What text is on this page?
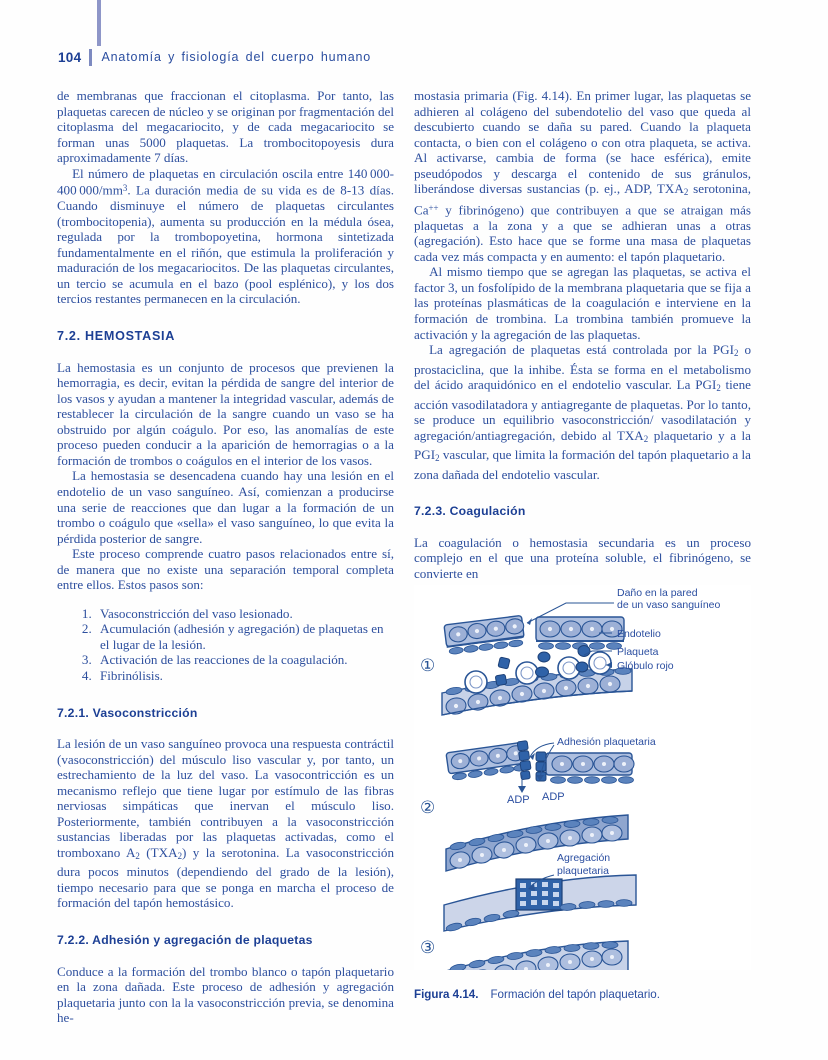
104 Anatomía y fisiología del cuerpo humano

de membranas que fraccionan el citoplasma. Por tanto, las plaquetas carecen de núcleo y se originan por fragmentación del citoplasma del megacariocito, y de cada megacariocito se forman unas 5000 plaquetas. La trombocitopoyesis dura aproximadamente 7 días.

El número de plaquetas en circulación oscila entre 140 000-400 $000/mm^3$. La duración media de su vida es de 8-13 días. Cuando disminuye el número de plaquetas circulantes (trombocitopenia), aumenta su producción en la médula ósea, regulada por la trombopoyetina, hormona sintetizada fundamentalmente en el riñón, que estimula la proliferación y maduración de los megacariocitos. De las plaquetas circulantes, un tercio se acumula en el bazo (pool esplénico), y los dos tercios restantes permanecen en la circulación.

7.2. HEMOSTASIA

La hemostasia es un conjunto de procesos que previenen la hemorragia, es decir, evitan la pérdida de sangre del interior de los vasos y ayudan a mantener la integridad vascular, además de restablecer la circulación de la sangre cuando un vaso se ha obstruido por algún coágulo. Por eso, las anomalías de este proceso pueden conducir a la aparición de hemorragias o a la formación de trombos o coágulos en el interior de los vasos.

La hemostasia se desencadena cuando hay una lesión en el endotelio de un vaso sanguíneo. Así, comienzan a producirse una serie de reacciones que dan lugar a la formación de un trombo o coágulo que «sella» el vaso sanguíneo, lo que evita la pérdida posterior de sangre.

Este proceso comprende cuatro pasos relacionados entre sí, de manera que no existe una separación temporal completa entre ellos. Estos pasos son:

1. Vasoconstricción del vaso lesionado.
2. Acumulación (adhesión y agregación) de plaquetas en el lugar de la lesión.
3. Activación de las reacciones de la coagulación.
4. Fibrinólisis.
7.2.1. Vasoconstricción

La lesión de un vaso sanguíneo provoca una respuesta contráctil (vasoconstricción) del músculo liso vascular y, por tanto, un estrechamiento de la luz del vaso. La vasocontricción es un mecanismo reflejo que tiene lugar por estímulo de las fibras nerviosas simpáticas que inervan el músculo liso. Posteriormente, también contribuyen a la vasoconstricción sustancias liberadas por las plaquetas activadas, como el tromboxano $A_2$ $(TXA_2)$ y la serotonina. La vasoconstricción dura pocos minutos (dependiendo del grado de la lesión), tiempo necesario para que se ponga en marcha el proceso de formación del tapón hemostásico.

7.2.2. Adhesión y agregación de plaquetas

Conduce a la formación del trombo blanco o tapón plaquetario en la zona dañada. Este proceso de adhesión y agregación plaquetaria junto con la la vasoconstricción previa, se denomina he-

mostasia primaria (Fig. 4.14). En primer lugar, las plaquetas se adhieren al colágeno del subendotelio del vaso que queda al descubierto cuando se daña su pared. Cuando la plaqueta contacta, o bien con el colágeno o con otra plaqueta, se activa. Al activarse, cambia de forma (se hace esférica), emite pseudópodos y descarga el contenido de sus gránulos, liberándose diversas sustancias (p. ej., ADP, $TXA_2$ serotonina, Ca++ y fibrinógeno) que contribuyen a que se atraigan más plaquetas a la zona y a que se adhieran unas a otras (agregación). Esto hace que se forme una masa de plaquetas cada vez más compacta y en aumento: el tapón plaquetario.

Al mismo tiempo que se agregan las plaquetas, se activa el factor 3, un fosfolípido de la membrana plaquetaria que se fija a las proteínas plasmáticas de la coagulación e interviene en la formación de trombina. La trombina también promueve la activación y la agregación de las plaquetas.

La agregación de plaquetas está controlada por la $PGI_2$ o prostaciclina, que la inhibe. Ésta se forma en el metabolismo del ácido araquidónico en el endotelio vascular. La $PGI_2$ tiene acción vasodilatadora y antiagregante de plaquetas. Por lo tanto, se produce un equilibrio vasoconstricción/ vasodilatación y agregación/antiagregación, debido al $TXA_2$ plaquetario y a la $PGI_2$ vascular, que limita la formación del tapón plaquetario a la zona dañada del endotelio vascular.

7.2.3. Coagulación

La coagulación o hemostasia secundaria es un proceso complejo en el que una proteína soluble, el fibrinógeno, se convierte en

Daño en la pared
de un vaso sanguíneo
Endotelio
Plaqueta
Glóbulo rojo
①
Adhesión plaquetaria
ADP ADP
②
Agregación
plaquetaria
③
Figura 4.14. Formación del tapón plaquetario.
